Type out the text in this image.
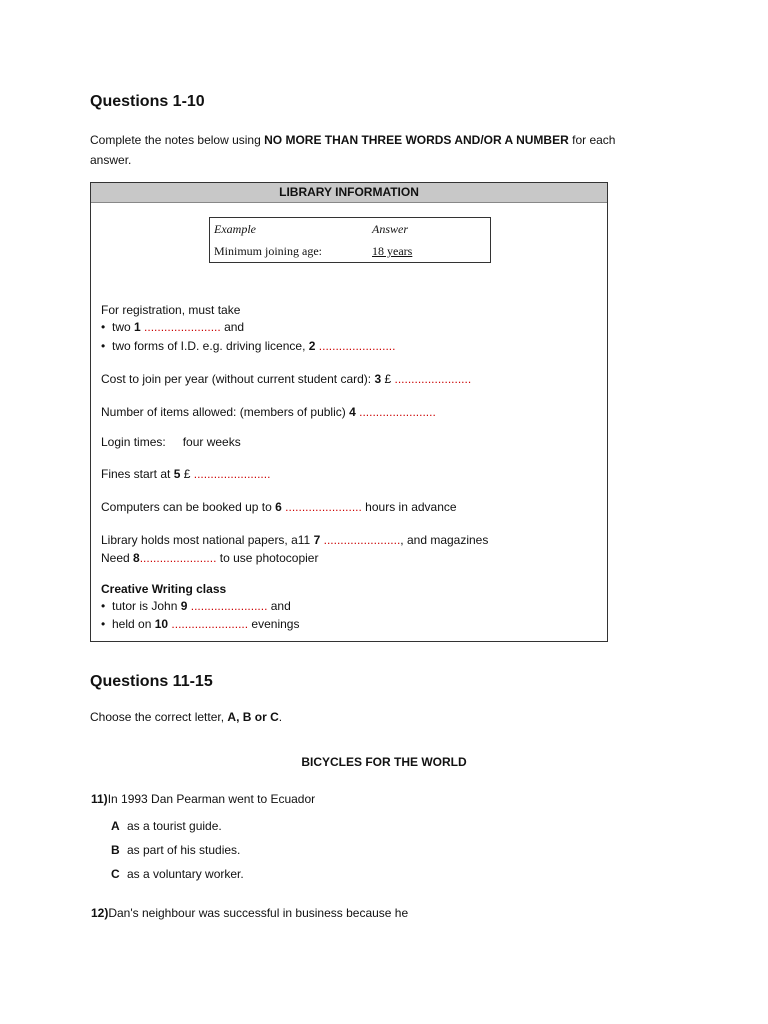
Questions 1-10
Complete the notes below using NO MORE THAN THREE WORDS AND/OR A NUMBER for each
answer.
LIBRARY INFORMATION
Example	Answer
Minimum joining age:	18 years
For registration, must take
• two 1 ....................... and
• two forms of I.D. e.g. driving licence, 2 .......................
Cost to join per year (without current student card): 3 £ .......................
Number of items allowed: (members of public) 4 .......................
Login times: four weeks
Fines start at 5 £ .......................
Computers can be booked up to 6 ....................... hours in advance
Library holds most national papers, a11 7 ......................., and magazines
Need 8....................... to use photocopier
Creative Writing class
• tutor is John 9 ....................... and
• held on 10 ....................... evenings
Questions 11-15
Choose the correct letter, A, B or C.
BICYCLES FOR THE WORLD
11)In 1993 Dan Pearman went to Ecuador
A as a tourist guide.
B as part of his studies.
C as a voluntary worker.
12)Dan's neighbour was successful in business because he
